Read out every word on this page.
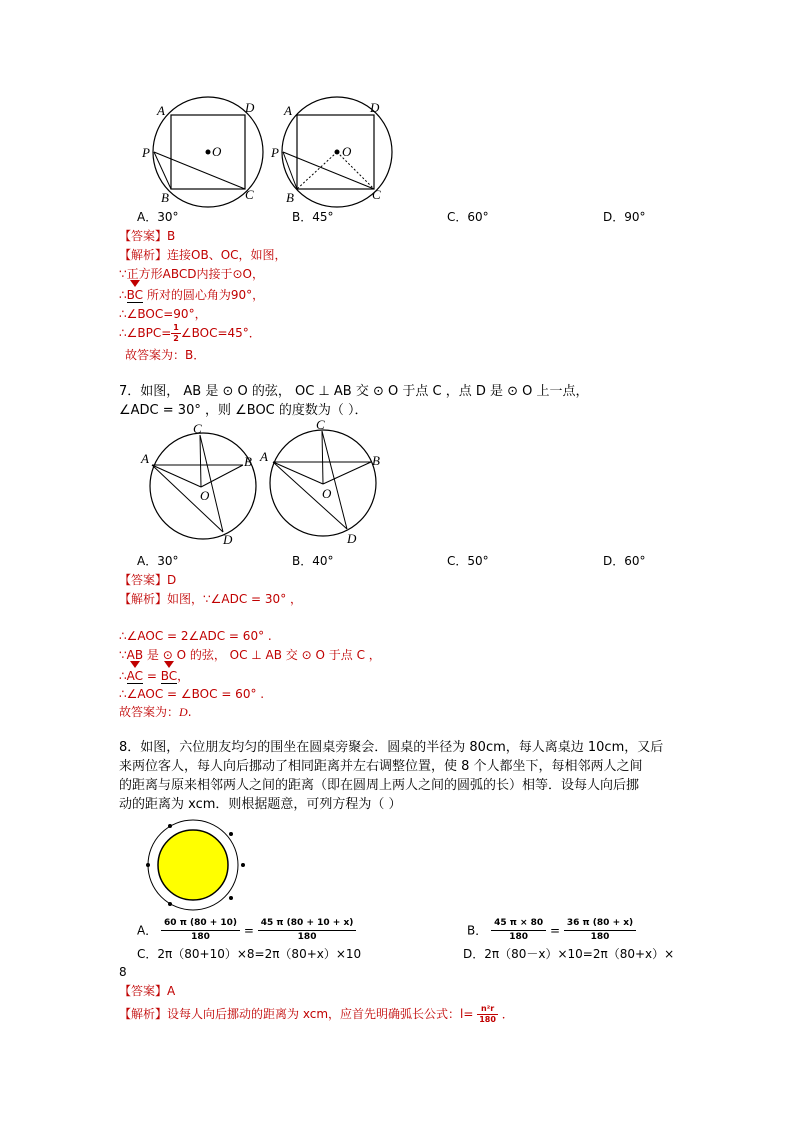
A	D
P
B	C
O
A	D
P
B	C
O
A．30°	B．45°	C．60°	D．90°
【答案】B
【解析】连接OB、OC，如图，
∵正方形ABCD内接于⊙O，
∴BC 所对的圆心角为90°，
∴∠BOC=90°，
∴∠BPC= $\frac{1}{2}$ ∠BOC=45°．
故答案为：B．
7．如图， AB 是 ⊙ O 的弦， OC ⊥ AB 交 ⊙ O 于点 C ，点 D 是 ⊙ O 上一点，
∠ADC = 30° ，则 ∠BOC 的度数为（ ）．
C
A	B
O
D
C
A	B
O
D
A．30°	B．40°	C．50°	D．60°
【答案】D
【解析】如图，∵∠ADC = 30° ，
∴∠AOC = 2∠ADC = 60° .
∵AB 是 ⊙ O 的弦， OC ⊥ AB 交 ⊙ O 于点 C ，
∴AC = BC，
∴∠AOC = ∠BOC = 60° .
故答案为：D.
8．如图，六位朋友均匀的围坐在圆桌旁聚会．圆桌的半径为 80cm，每人离桌边 10cm，又后
来两位客人，每人向后挪动了相同距离并左右调整位置，使 8 个人都坐下，每相邻两人之间
的距离与原来相邻两人之间的距离（即在圆周上两人之间的圆弧的长）相等．设每人向后挪
动的距离为 xcm．则根据题意，可列方程为（ ）
A． $\frac{60 \pi (80 + 10)}{180} = \frac{45 \pi (80 + 10 + x)}{180}$	B． $\frac{45 \pi \times 80}{180} = \frac{36 \pi (80 + x)}{180}$
C．2π（80+10）×8=2π（80+x）×10	D．2π（80－x）×10=2π（80+x）×
8
【答案】A
【解析】设每人向后挪动的距离为 xcm，应首先明确弧长公式：$l= \frac{\text{n²r}}{180}$ ．
